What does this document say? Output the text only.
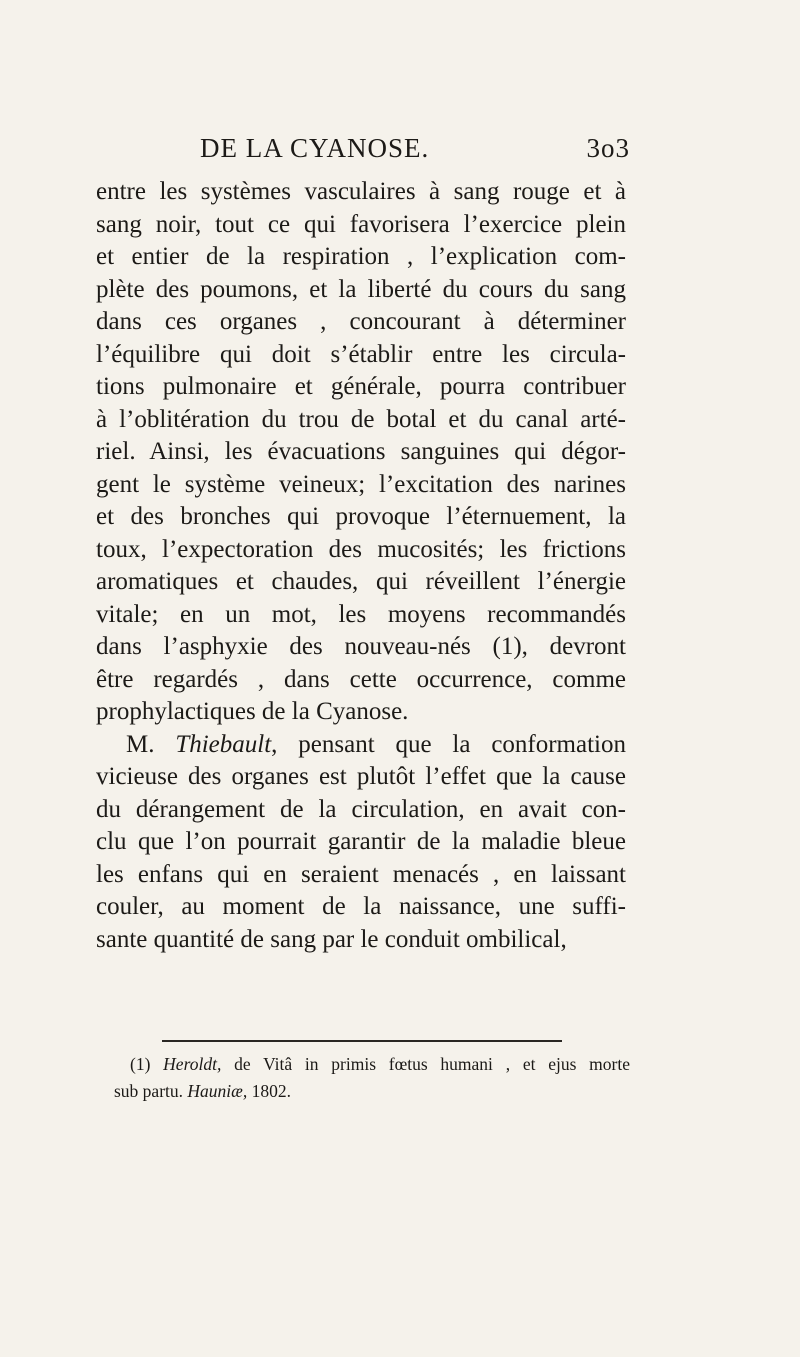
DE LA CYANOSE.	3o3
entre les systèmes vasculaires à sang rouge et à
sang noir, tout ce qui favorisera l’exercice plein
et entier de la respiration , l’explication com-
plète des poumons, et la liberté du cours du sang
dans ces organes , concourant à déterminer
l’équilibre qui doit s’établir entre les circula-
tions pulmonaire et générale, pourra contribuer
à l’oblitération du trou de botal et du canal arté-
riel. Ainsi, les évacuations sanguines qui dégor-
gent le système veineux; l’excitation des narines
et des bronches qui provoque l’éternuement, la
toux, l’expectoration des mucosités; les frictions
aromatiques et chaudes, qui réveillent l’énergie
vitale; en un mot, les moyens recommandés
dans l’asphyxie des nouveau-nés (1), devront
être regardés , dans cette occurrence, comme
prophylactiques de la Cyanose.
M. Thiebault, pensant que la conformation
vicieuse des organes est plutôt l’effet que la cause
du dérangement de la circulation, en avait con-
clu que l’on pourrait garantir de la maladie bleue
les enfans qui en seraient menacés , en laissant
couler, au moment de la naissance, une suffi-
sante quantité de sang par le conduit ombilical,
(1) Heroldt, de Vitâ in primis fœtus humani , et ejus morte
sub partu. Hauniæ, 1802.
